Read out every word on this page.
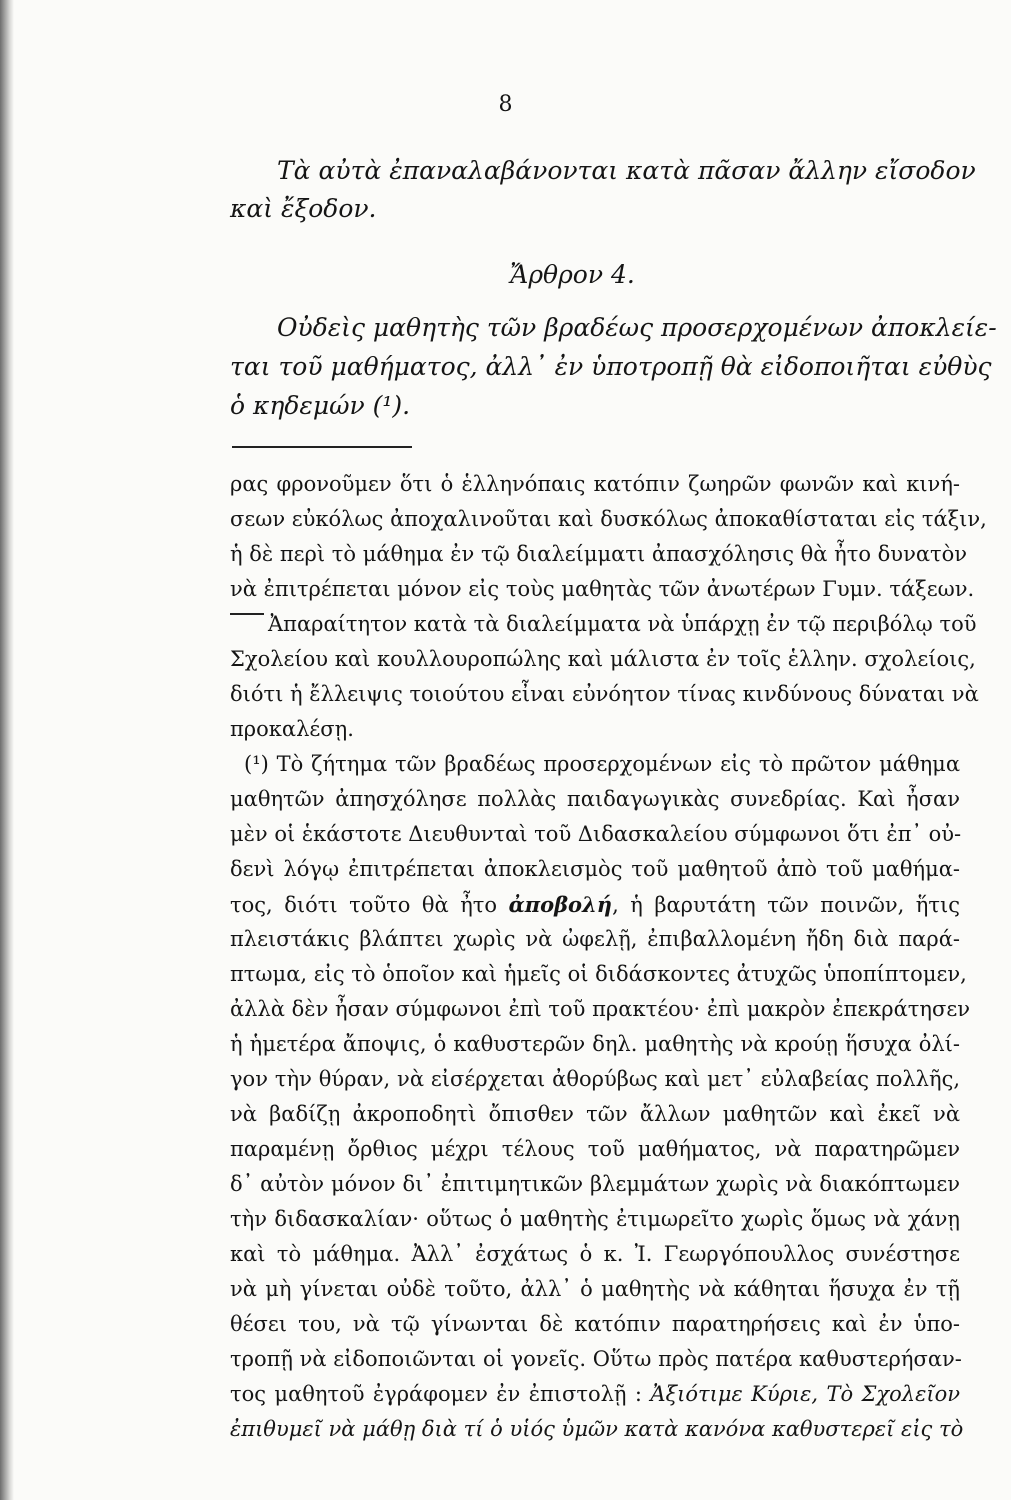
8
Τὰ αὐτὰ ἐπαναλαβάνονται κατὰ πᾶσαν ἄλλην εἴσοδον
καὶ ἔξοδον.
Ἄρθρον 4.
Οὐδεὶς μαθητὴς τῶν βραδέως προσερχομένων ἀποκλείε-
ται τοῦ μαθήματος, ἀλλ᾿ ἐν ὑποτροπῇ θὰ εἰδοποιῆται εὐθὺς
ὁ κηδεμών (¹).
ρας φρονοῦμεν ὅτι ὁ ἑλληνόπαις κατόπιν ζωηρῶν φωνῶν καὶ κινή-
σεων εὐκόλως ἀποχαλινοῦται καὶ δυσκόλως ἀποκαθίσταται εἰς τάξιν,
ἡ δὲ περὶ τὸ μάθημα ἐν τῷ διαλείμματι ἀπασχόλησις θὰ ἦτο δυνατὸν
νὰ ἐπιτρέπεται μόνον εἰς τοὺς μαθητὰς τῶν ἀνωτέρων Γυμν. τάξεων.
Ἀπαραίτητον κατὰ τὰ διαλείμματα νὰ ὑπάρχῃ ἐν τῷ περιβόλῳ τοῦ
Σχολείου καὶ κουλλουροπώλης καὶ μάλιστα ἐν τοῖς ἑλλην. σχολείοις,
διότι ἡ ἔλλειψις τοιούτου εἶναι εὐνόητον τίνας κινδύνους δύναται νὰ
προκαλέσῃ.
(¹) Τὸ ζήτημα τῶν βραδέως προσερχομένων εἰς τὸ πρῶτον μάθημα
μαθητῶν ἀπησχόλησε πολλὰς παιδαγωγικὰς συνεδρίας. Καὶ ἦσαν
μὲν οἱ ἑκάστοτε Διευθυνταὶ τοῦ Διδασκαλείου σύμφωνοι ὅτι ἐπ᾿ οὐ-
δενὶ λόγῳ ἐπιτρέπεται ἀποκλεισμὸς τοῦ μαθητοῦ ἀπὸ τοῦ μαθήμα-
τος, διότι τοῦτο θὰ ἦτο ἀποβολή, ἡ βαρυτάτη τῶν ποινῶν, ἥτις
πλειστάκις βλάπτει χωρὶς νὰ ὠφελῇ, ἐπιβαλλομένη ἤδη διὰ παρά-
πτωμα, εἰς τὸ ὁποῖον καὶ ἡμεῖς οἱ διδάσκοντες ἀτυχῶς ὑποπίπτομεν,
ἀλλὰ δὲν ἦσαν σύμφωνοι ἐπὶ τοῦ πρακτέου· ἐπὶ μακρὸν ἐπεκράτησεν
ἡ ἡμετέρα ἄποψις, ὁ καθυστερῶν δηλ. μαθητὴς νὰ κρούῃ ἥσυχα ὀλί-
γον τὴν θύραν, νὰ εἰσέρχεται ἀθορύβως καὶ μετ᾿ εὐλαβείας πολλῆς,
νὰ βαδίζῃ ἀκροποδητὶ ὄπισθεν τῶν ἄλλων μαθητῶν καὶ ἐκεῖ νὰ
παραμένῃ ὄρθιος μέχρι τέλους τοῦ μαθήματος, νὰ παρατηρῶμεν
δ᾿ αὐτὸν μόνον δι᾿ ἐπιτιμητικῶν βλεμμάτων χωρὶς νὰ διακόπτωμεν
τὴν διδασκαλίαν· οὕτως ὁ μαθητὴς ἐτιμωρεῖτο χωρὶς ὅμως νὰ χάνῃ
καὶ τὸ μάθημα. Ἀλλ᾿ ἐσχάτως ὁ κ. Ἰ. Γεωργόπουλλος συνέστησε
νὰ μὴ γίνεται οὐδὲ τοῦτο, ἀλλ᾿ ὁ μαθητὴς νὰ κάθηται ἥσυχα ἐν τῇ
θέσει του, νὰ τῷ γίνωνται δὲ κατόπιν παρατηρήσεις καὶ ἐν ὑπο-
τροπῇ νὰ εἰδοποιῶνται οἱ γονεῖς. Οὕτω πρὸς πατέρα καθυστερήσαν-
τος μαθητοῦ ἐγράφομεν ἐν ἐπιστολῇ : Ἀξιότιμε Κύριε, Τὸ Σχολεῖον
ἐπιθυμεῖ νὰ μάθῃ διὰ τί ὁ υἱός ὑμῶν κατὰ κανόνα καθυστερεῖ εἰς τὸ
